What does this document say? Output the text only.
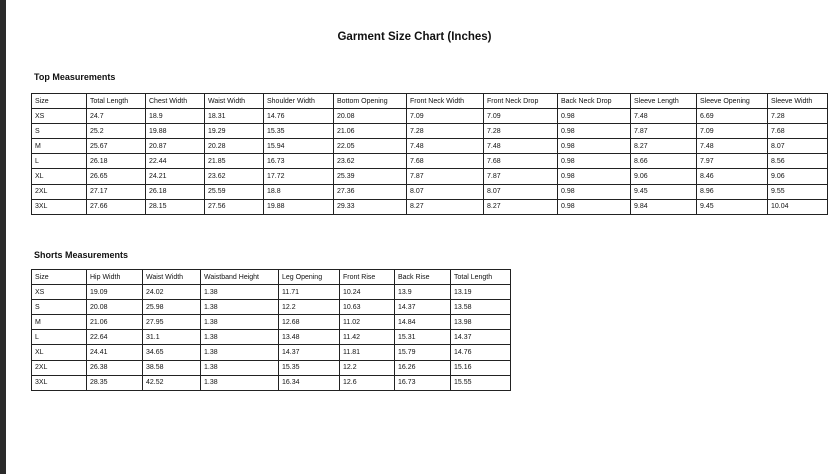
Garment Size Chart (Inches)
Top Measurements
Size	Total Length	Chest Width	Waist Width	Shoulder Width	Bottom Opening	Front Neck Width	Front Neck Drop	Back Neck Drop	Sleeve Length	Sleeve Opening	Sleeve Width
XS	24.7	18.9	18.31	14.76	20.08	7.09	7.09	0.98	7.48	6.69	7.28
S	25.2	19.88	19.29	15.35	21.06	7.28	7.28	0.98	7.87	7.09	7.68
M	25.67	20.87	20.28	15.94	22.05	7.48	7.48	0.98	8.27	7.48	8.07
L	26.18	22.44	21.85	16.73	23.62	7.68	7.68	0.98	8.66	7.97	8.56
XL	26.65	24.21	23.62	17.72	25.39	7.87	7.87	0.98	9.06	8.46	9.06
2XL	27.17	26.18	25.59	18.8	27.36	8.07	8.07	0.98	9.45	8.96	9.55
3XL	27.66	28.15	27.56	19.88	29.33	8.27	8.27	0.98	9.84	9.45	10.04
Shorts Measurements
Size	Hip Width	Waist Width	Waistband Height	Leg Opening	Front Rise	Back Rise	Total Length
XS	19.09	24.02	1.38	11.71	10.24	13.9	13.19
S	20.08	25.98	1.38	12.2	10.63	14.37	13.58
M	21.06	27.95	1.38	12.68	11.02	14.84	13.98
L	22.64	31.1	1.38	13.48	11.42	15.31	14.37
XL	24.41	34.65	1.38	14.37	11.81	15.79	14.76
2XL	26.38	38.58	1.38	15.35	12.2	16.26	15.16
3XL	28.35	42.52	1.38	16.34	12.6	16.73	15.55
